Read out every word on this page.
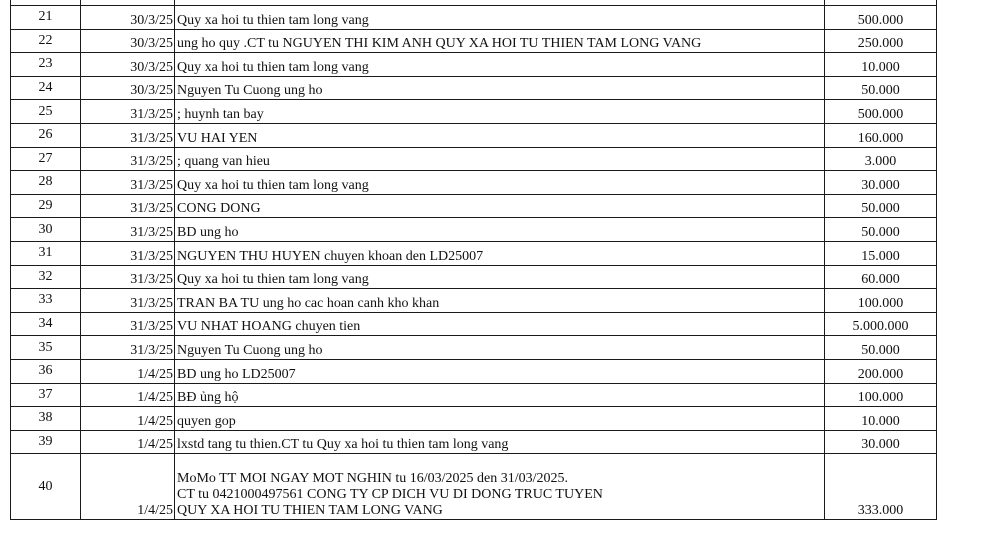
21	30/3/25	Quy xa hoi tu thien tam long vang	500.000
22	30/3/25	ung ho quy .CT tu NGUYEN THI KIM ANH QUY XA HOI TU THIEN TAM LONG VANG	250.000
23	30/3/25	Quy xa hoi tu thien tam long vang	10.000
24	30/3/25	Nguyen Tu Cuong ung ho	50.000
25	31/3/25	; huynh tan bay	500.000
26	31/3/25	VU HAI YEN	160.000
27	31/3/25	; quang van hieu	3.000
28	31/3/25	Quy xa hoi tu thien tam long vang	30.000
29	31/3/25	CONG DONG	50.000
30	31/3/25	BD ung ho	50.000
31	31/3/25	NGUYEN THU HUYEN chuyen khoan den LD25007	15.000
32	31/3/25	Quy xa hoi tu thien tam long vang	60.000
33	31/3/25	TRAN BA TU ung ho cac hoan canh kho khan	100.000
34	31/3/25	VU NHAT HOANG chuyen tien	5.000.000
35	31/3/25	Nguyen Tu Cuong ung ho	50.000
36	1/4/25	BD ung ho LD25007	200.000
37	1/4/25	BĐ ủng hộ	100.000
38	1/4/25	quyen gop	10.000
39	1/4/25	lxstd tang tu thien.CT tu Quy xa hoi tu thien tam long vang	30.000
40	1/4/25	MoMo TT MOI NGAY MOT NGHIN tu 16/03/2025 den 31/03/2025.
CT tu 0421000497561 CONG TY CP DICH VU DI DONG TRUC TUYEN
QUY XA HOI TU THIEN TAM LONG VANG	333.000
